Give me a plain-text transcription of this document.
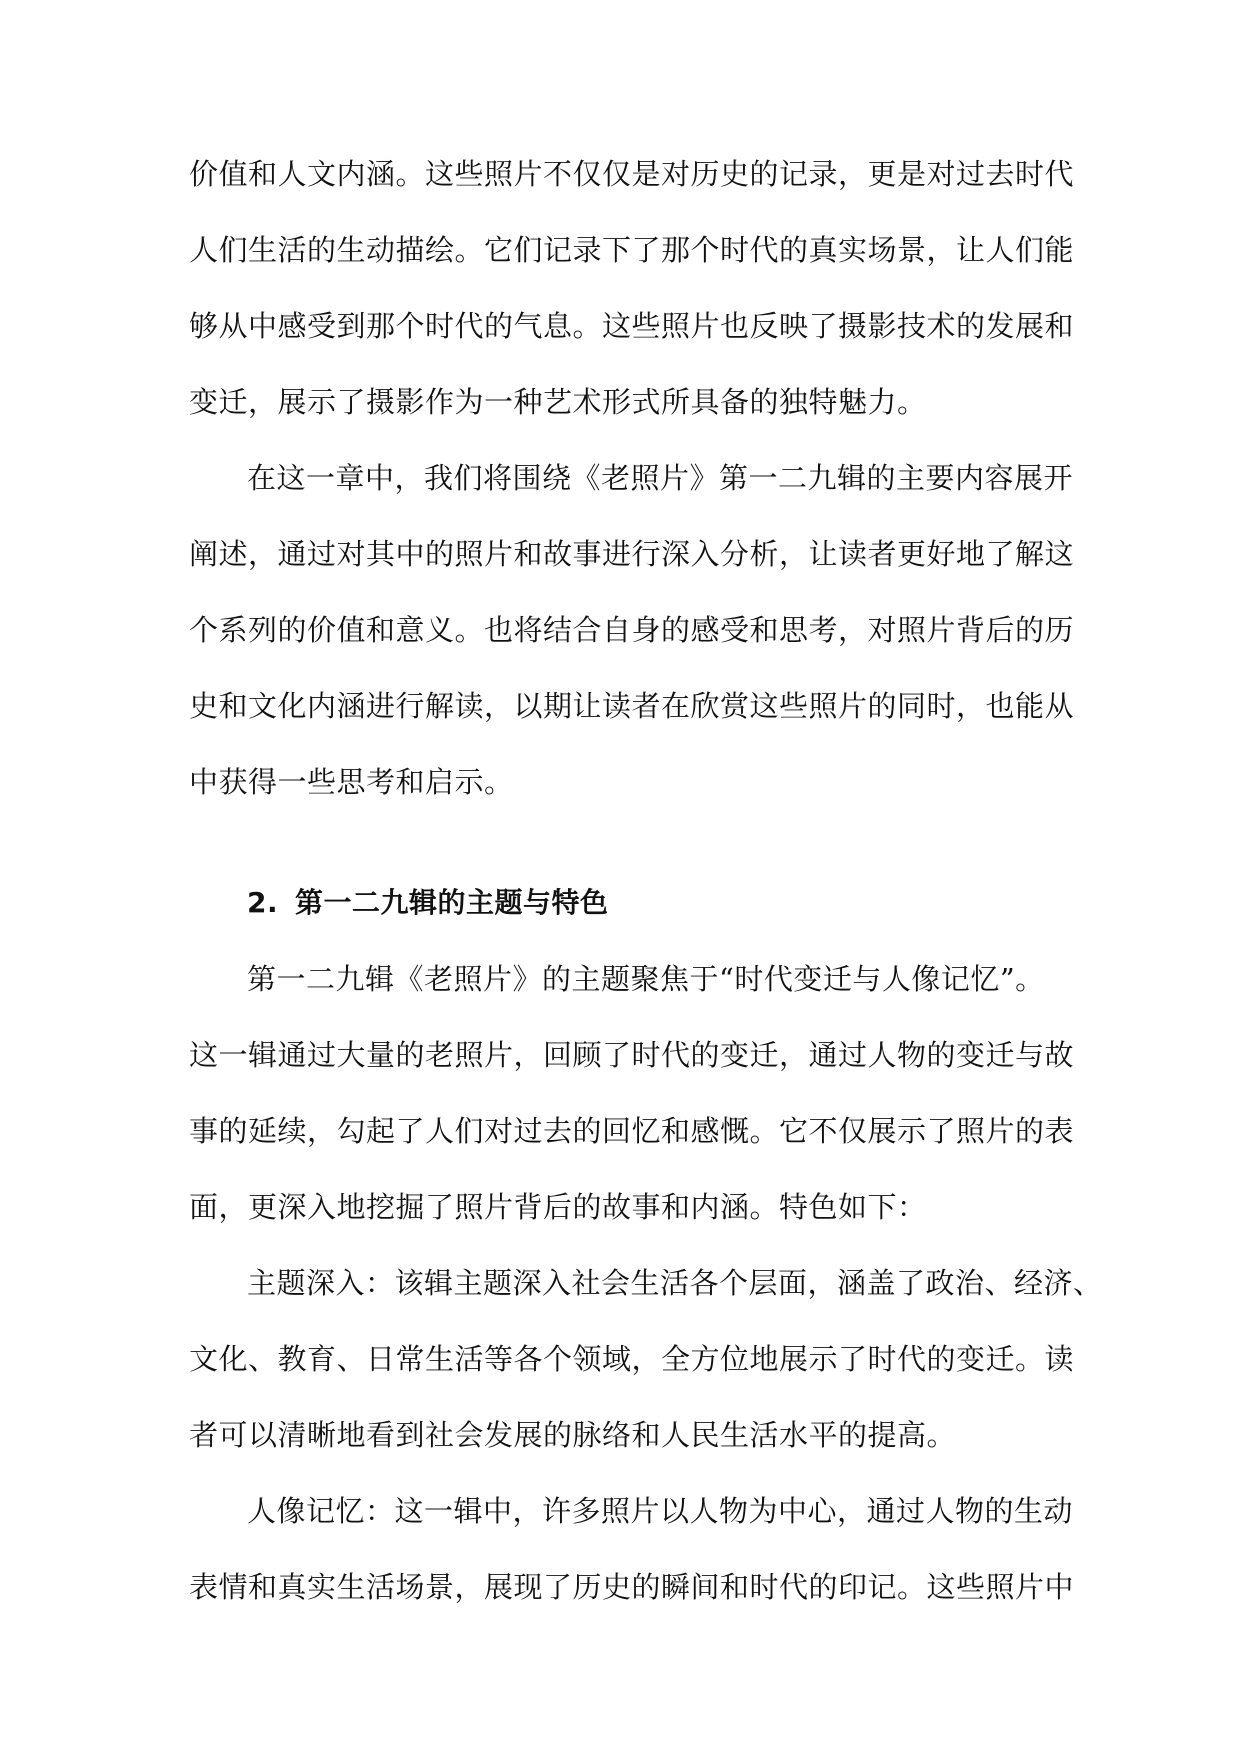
价值和人文内涵。这些照片不仅仅是对历史的记录，更是对过去时代
人们生活的生动描绘。它们记录下了那个时代的真实场景，让人们能
够从中感受到那个时代的气息。这些照片也反映了摄影技术的发展和
变迁，展示了摄影作为一种艺术形式所具备的独特魅力。
在这一章中，我们将围绕《老照片》第一二九辑的主要内容展开
阐述，通过对其中的照片和故事进行深入分析，让读者更好地了解这
个系列的价值和意义。也将结合自身的感受和思考，对照片背后的历
史和文化内涵进行解读，以期让读者在欣赏这些照片的同时，也能从
中获得一些思考和启示。
2. 第一二九辑的主题与特色
第一二九辑《老照片》的主题聚焦于“时代变迁与人像记忆”。
这一辑通过大量的老照片，回顾了时代的变迁，通过人物的变迁与故
事的延续，勾起了人们对过去的回忆和感慨。它不仅展示了照片的表
面，更深入地挖掘了照片背后的故事和内涵。特色如下：
主题深入：该辑主题深入社会生活各个层面，涵盖了政治、经济、
文化、教育、日常生活等各个领域，全方位地展示了时代的变迁。读
者可以清晰地看到社会发展的脉络和人民生活水平的提高。
人像记忆：这一辑中，许多照片以人物为中心，通过人物的生动
表情和真实生活场景，展现了历史的瞬间和时代的印记。这些照片中
